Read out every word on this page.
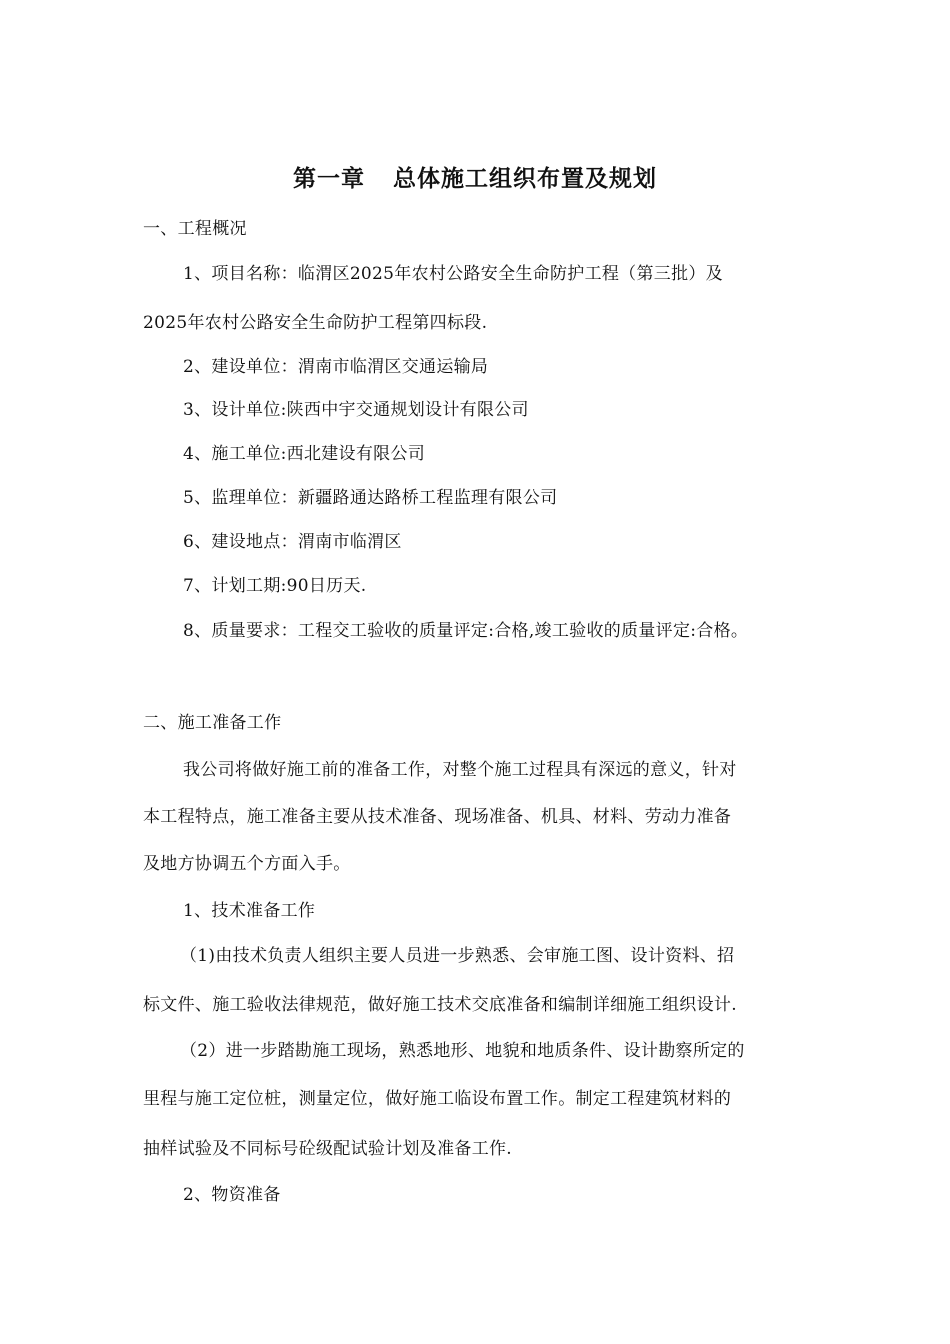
第一章 总体施工组织布置及规划
一、工程概况
1、项目名称：临渭区2025年农村公路安全生命防护工程（第三批）及
2025年农村公路安全生命防护工程第四标段.
2、建设单位：渭南市临渭区交通运输局
3、设计单位:陕西中宇交通规划设计有限公司
4、施工单位:西北建设有限公司
5、监理单位：新疆路通达路桥工程监理有限公司
6、建设地点：渭南市临渭区
7、计划工期:90日历天.
8、质量要求：工程交工验收的质量评定:合格,竣工验收的质量评定:合格。
二、施工准备工作
我公司将做好施工前的准备工作，对整个施工过程具有深远的意义，针对
本工程特点，施工准备主要从技术准备、现场准备、机具、材料、劳动力准备
及地方协调五个方面入手。
1、技术准备工作
（1)由技术负责人组织主要人员进一步熟悉、会审施工图、设计资料、招
标文件、施工验收法律规范，做好施工技术交底准备和编制详细施工组织设计.
（2）进一步踏勘施工现场，熟悉地形、地貌和地质条件、设计勘察所定的
里程与施工定位桩，测量定位，做好施工临设布置工作。制定工程建筑材料的
抽样试验及不同标号砼级配试验计划及准备工作.
2、物资准备
